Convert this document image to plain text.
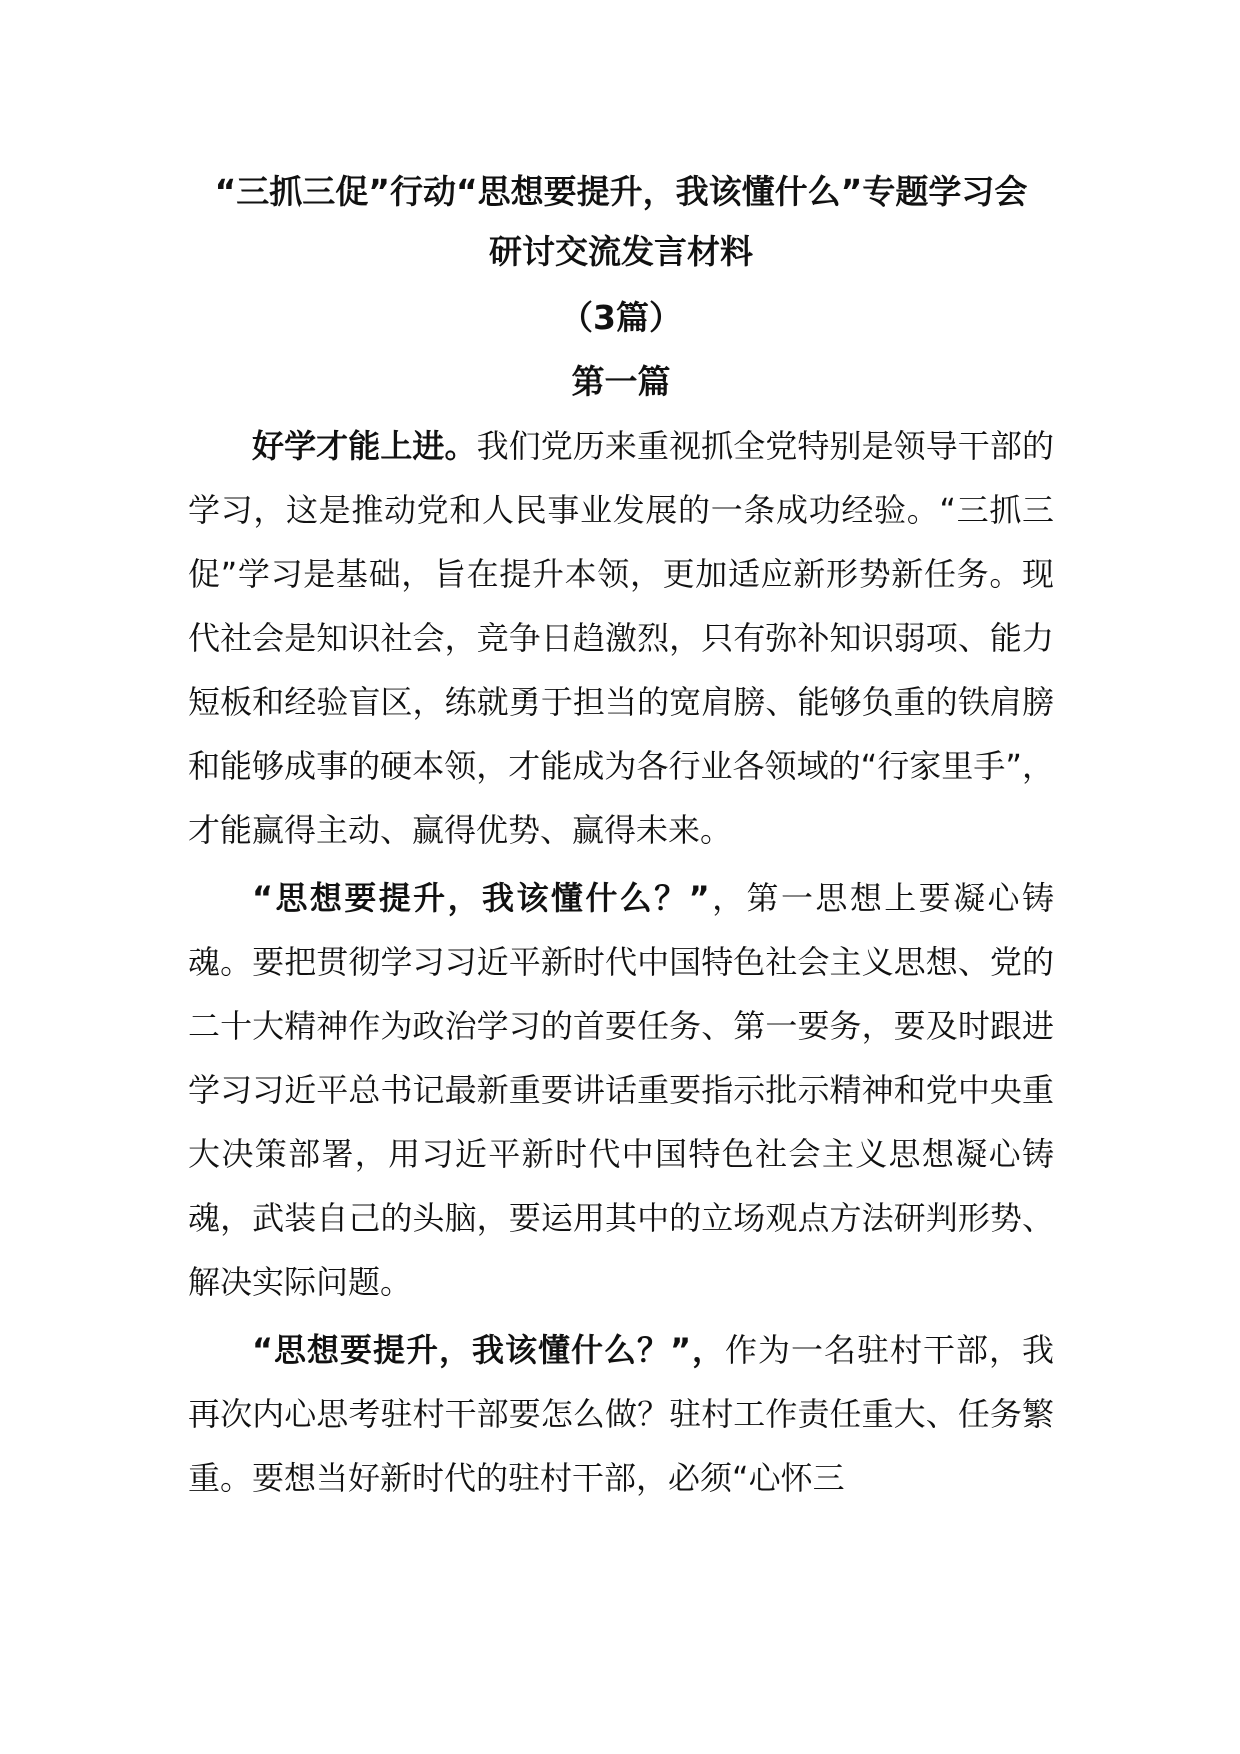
“三抓三促”行动“思想要提升，我该懂什么”专题学习会

研讨交流发言材料

（3篇）

第一篇

好学才能上进。我们党历来重视抓全党特别是领导干部的学习，这是推动党和人民事业发展的一条成功经验。“三抓三促”学习是基础，旨在提升本领，更加适应新形势新任务。现代社会是知识社会，竞争日趋激烈，只有弥补知识弱项、能力短板和经验盲区，练就勇于担当的宽肩膀、能够负重的铁肩膀和能够成事的硬本领，才能成为各行业各领域的“行家里手”，才能赢得主动、赢得优势、赢得未来。

“思想要提升，我该懂什么？”，第一思想上要凝心铸魂。要把贯彻学习习近平新时代中国特色社会主义思想、党的二十大精神作为政治学习的首要任务、第一要务，要及时跟进学习习近平总书记最新重要讲话重要指示批示精神和党中央重大决策部署，用习近平新时代中国特色社会主义思想凝心铸魂，武装自己的头脑，要运用其中的立场观点方法研判形势、解决实际问题。

“思想要提升，我该懂什么？”，作为一名驻村干部，我再次内心思考驻村干部要怎么做？驻村工作责任重大、任务繁重。要想当好新时代的驻村干部，必须“心怀三
